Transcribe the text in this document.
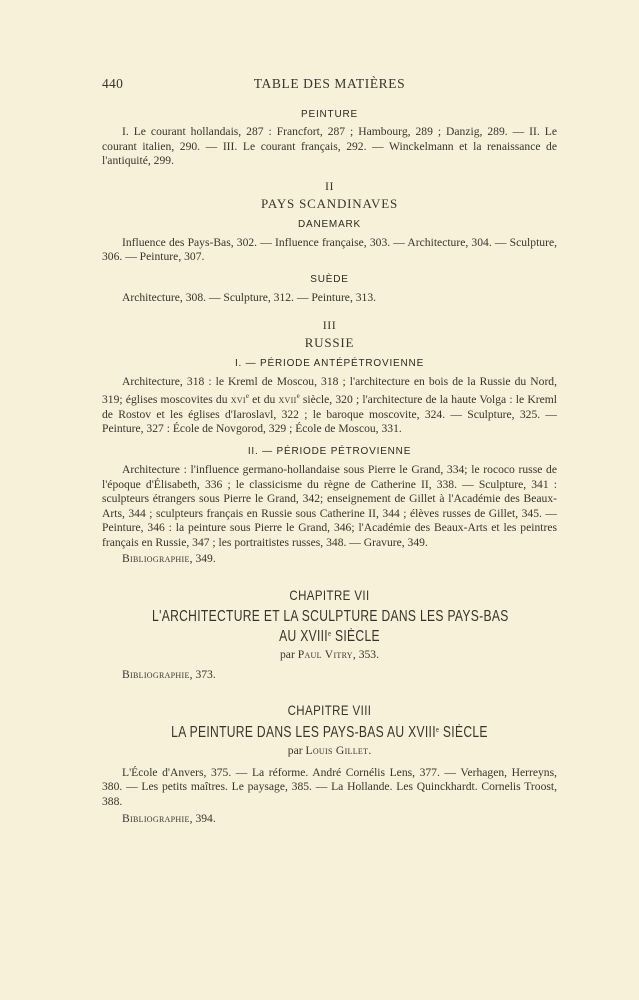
440	TABLE DES MATIÈRES
PEINTURE

I. Le courant hollandais, 287 : Francfort, 287 ; Hambourg, 289 ; Danzig, 289. — II. Le courant italien, 290. — III. Le courant français, 292. — Winckelmann et la renaissance de l'antiquité, 299.

II
PAYS SCANDINAVES
DANEMARK

Influence des Pays-Bas, 302. — Influence française, 303. — Architecture, 304. — Sculpture, 306. — Peinture, 307.

SUÈDE

Architecture, 308. — Sculpture, 312. — Peinture, 313.

III
RUSSIE
I. — PÉRIODE ANTÉPÉTROVIENNE

Architecture, 318 : le Kreml de Moscou, 318 ; l'architecture en bois de la Russie du Nord, 319; églises moscovites du xvi$^e$ et du xvii$^e$ siècle, 320 ; l'architecture de la haute Volga : le Kreml de Rostov et les églises d'Iaroslavl, 322 ; le baroque moscovite, 324. — Sculpture, 325. — Peinture, 327 : École de Novgorod, 329 ; École de Moscou, 331.

II. — PÉRIODE PÉTROVIENNE

Architecture : l'influence germano-hollandaise sous Pierre le Grand, 334; le rococo russe de l'époque d'Élisabeth, 336 ; le classicisme du règne de Catherine II, 338. — Sculpture, 341 : sculpteurs étrangers sous Pierre le Grand, 342; enseignement de Gillet à l'Académie des Beaux-Arts, 344 ; sculpteurs français en Russie sous Catherine II, 344 ; élèves russes de Gillet, 345. — Peinture, 346 : la peinture sous Pierre le Grand, 346; l'Académie des Beaux-Arts et les peintres français en Russie, 347 ; les portraitistes russes, 348. — Gravure, 349.

Bibliographie, 349.
CHAPITRE VII
L'ARCHITECTURE ET LA SCULPTURE DANS LES PAYS-BAS
AU XVIIIe SIÈCLE
par Paul Vitry, 353.
Bibliographie, 373.
CHAPITRE VIII
LA PEINTURE DANS LES PAYS-BAS AU XVIIIe SIÈCLE
par Louis Gillet.

L'École d'Anvers, 375. — La réforme. André Cornélis Lens, 377. — Verhagen, Herreyns, 380. — Les petits maîtres. Le paysage, 385. — La Hollande. Les Quinckhardt. Cornelis Troost, 388.

Bibliographie, 394.
